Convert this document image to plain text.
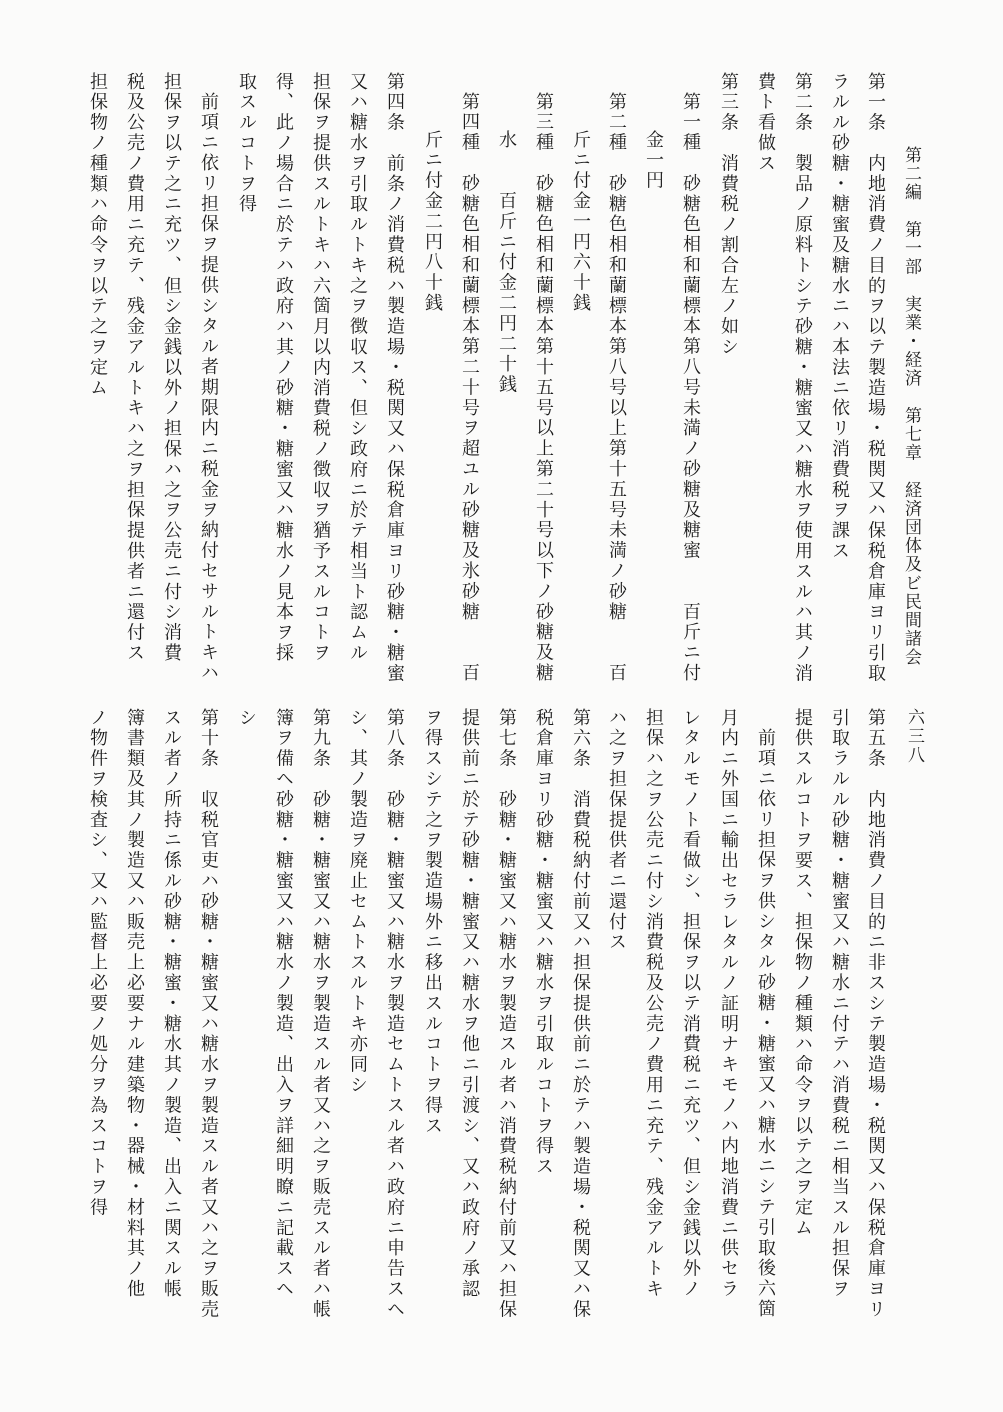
第二編　第一部　実業・経済　第七章　経済団体及ビ民間諸会
六三八
第一条　内地消費ノ目的ヲ以テ製造場・税関又ハ保税倉庫ヨリ引取
ラルル砂糖・糖蜜及糖水ニハ本法ニ依リ消費税ヲ課ス
第二条　製品ノ原料トシテ砂糖・糖蜜又ハ糖水ヲ使用スルハ其ノ消
費ト看做ス
第三条　消費税ノ割合左ノ如シ
第一種　砂糖色相和蘭標本第八号未満ノ砂糖及糖蜜　　百斤ニ付
金一円
第二種　砂糖色相和蘭標本第八号以上第十五号未満ノ砂糖　　百
斤ニ付金一円六十銭
第三種　砂糖色相和蘭標本第十五号以上第二十号以下ノ砂糖及糖
水　　百斤ニ付金二円二十銭
第四種　砂糖色相和蘭標本第二十号ヲ超ユル砂糖及氷砂糖　　百
斤ニ付金二円八十銭
第四条　前条ノ消費税ハ製造場・税関又ハ保税倉庫ヨリ砂糖・糖蜜
又ハ糖水ヲ引取ルトキ之ヲ徴収ス、但シ政府ニ於テ相当ト認ムル
担保ヲ提供スルトキハ六箇月以内消費税ノ徴収ヲ猶予スルコトヲ
得、此ノ場合ニ於テハ政府ハ其ノ砂糖・糖蜜又ハ糖水ノ見本ヲ採
取スルコトヲ得
前項ニ依リ担保ヲ提供シタル者期限内ニ税金ヲ納付セサルトキハ
担保ヲ以テ之ニ充ツ、但シ金銭以外ノ担保ハ之ヲ公売ニ付シ消費
税及公売ノ費用ニ充テ、残金アルトキハ之ヲ担保提供者ニ還付ス
担保物ノ種類ハ命令ヲ以テ之ヲ定ム
第五条　内地消費ノ目的ニ非スシテ製造場・税関又ハ保税倉庫ヨリ
引取ラルル砂糖・糖蜜又ハ糖水ニ付テハ消費税ニ相当スル担保ヲ
提供スルコトヲ要ス、担保物ノ種類ハ命令ヲ以テ之ヲ定ム
前項ニ依リ担保ヲ供シタル砂糖・糖蜜又ハ糖水ニシテ引取後六箇
月内ニ外国ニ輸出セラレタルノ証明ナキモノハ内地消費ニ供セラ
レタルモノト看做シ、担保ヲ以テ消費税ニ充ツ、但シ金銭以外ノ
担保ハ之ヲ公売ニ付シ消費税及公売ノ費用ニ充テ、残金アルトキ
ハ之ヲ担保提供者ニ還付ス
第六条　消費税納付前又ハ担保提供前ニ於テハ製造場・税関又ハ保
税倉庫ヨリ砂糖・糖蜜又ハ糖水ヲ引取ルコトヲ得ス
第七条　砂糖・糖蜜又ハ糖水ヲ製造スル者ハ消費税納付前又ハ担保
提供前ニ於テ砂糖・糖蜜又ハ糖水ヲ他ニ引渡シ、又ハ政府ノ承認
ヲ得スシテ之ヲ製造場外ニ移出スルコトヲ得ス
第八条　砂糖・糖蜜又ハ糖水ヲ製造セムトスル者ハ政府ニ申告スヘ
シ、其ノ製造ヲ廃止セムトスルトキ亦同シ
第九条　砂糖・糖蜜又ハ糖水ヲ製造スル者又ハ之ヲ販売スル者ハ帳
簿ヲ備ヘ砂糖・糖蜜又ハ糖水ノ製造、出入ヲ詳細明瞭ニ記載スヘ
シ
第十条　収税官吏ハ砂糖・糖蜜又ハ糖水ヲ製造スル者又ハ之ヲ販売
スル者ノ所持ニ係ル砂糖・糖蜜・糖水其ノ製造、出入ニ関スル帳
簿書類及其ノ製造又ハ販売上必要ナル建築物・器械・材料其ノ他
ノ物件ヲ検査シ、又ハ監督上必要ノ処分ヲ為スコトヲ得
